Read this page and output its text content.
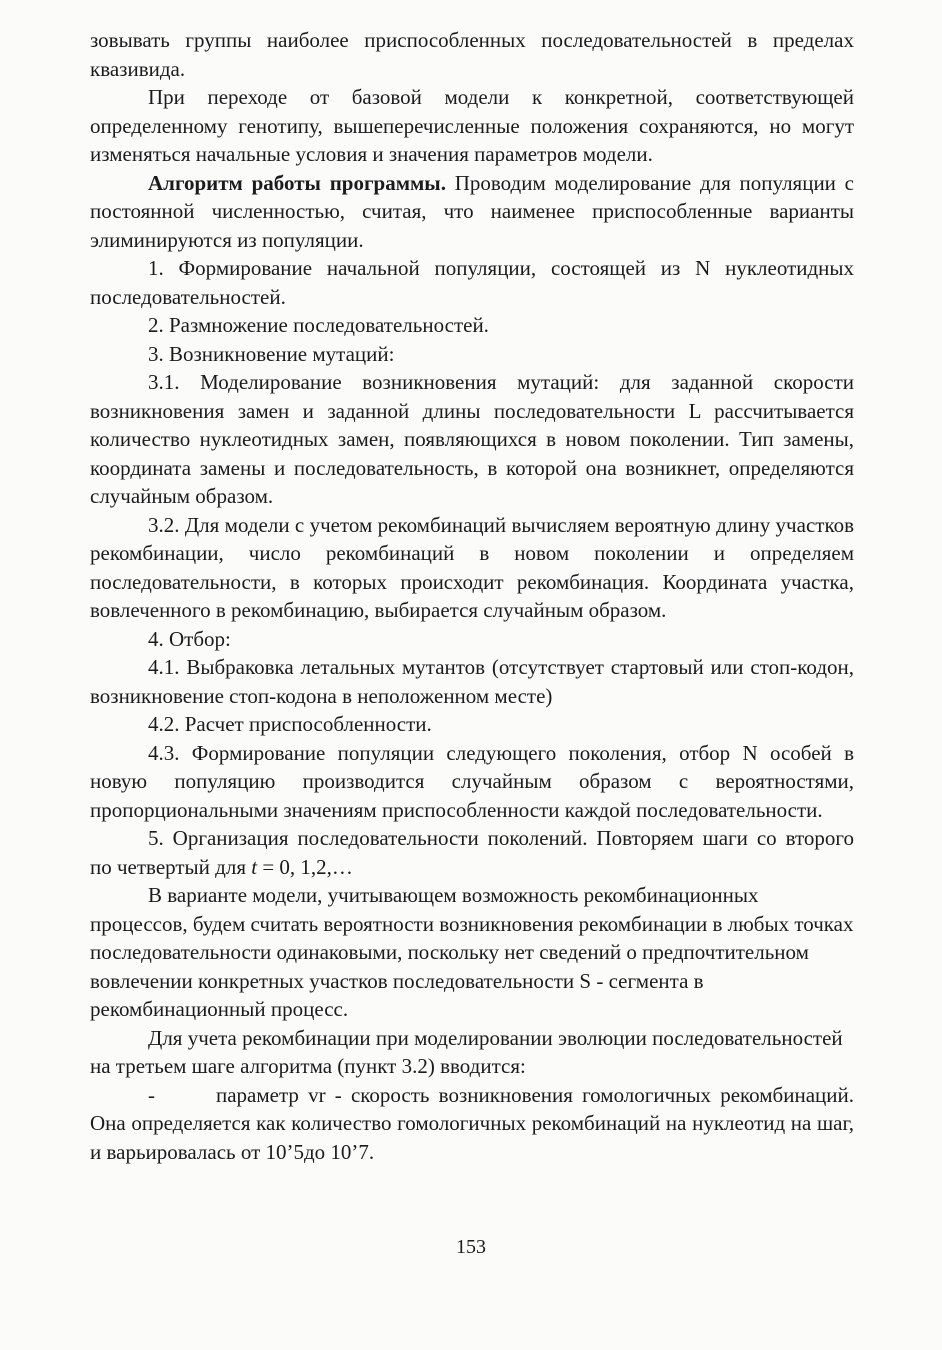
зовывать группы наиболее приспособленных последовательностей в пределах квазивида.

При переходе от базовой модели к конкретной, соответствующей определенному генотипу, вышеперечисленные положения сохраняются, но могут изменяться начальные условия и значения параметров модели.

Алгоритм работы программы. Проводим моделирование для популяции с постоянной численностью, считая, что наименее приспособленные варианты элиминируются из популяции.

1. Формирование начальной популяции, состоящей из N нуклеотидных последовательностей.

2. Размножение последовательностей.

3. Возникновение мутаций:

3.1. Моделирование возникновения мутаций: для заданной скорости возникновения замен и заданной длины последовательности L рассчитывается количество нуклеотидных замен, появляющихся в новом поколении. Тип замены, координата замены и последовательность, в которой она возникнет, определяются случайным образом.

3.2. Для модели с учетом рекомбинаций вычисляем вероятную длину участков рекомбинации, число рекомбинаций в новом поколении и определяем последовательности, в которых происходит рекомбинация. Координата участка, вовлеченного в рекомбинацию, выбирается случайным образом.

4. Отбор:

4.1. Выбраковка летальных мутантов (отсутствует стартовый или стоп-кодон, возникновение стоп-кодона в неположенном месте)

4.2. Расчет приспособленности.

4.3. Формирование популяции следующего поколения, отбор N особей в новую популяцию производится случайным образом с вероятностями, пропорциональными значениям приспособленности каждой последовательности.

5. Организация последовательности поколений. Повторяем шаги со второго по четвертый для t = 0, 1,2,…

В варианте модели, учитывающем возможность рекомбинационных процессов, будем считать вероятности возникновения рекомбинации в любых точках последовательности одинаковыми, поскольку нет сведений о предпочтительном вовлечении конкретных участков последовательности S - сегмента в рекомбинационный процесс.

Для учета рекомбинации при моделировании эволюции последовательностей на третьем шаге алгоритма (пункт 3.2) вводится:

-	параметр vr - скорость возникновения гомологичных рекомбинаций. Она определяется как количество гомологичных рекомбинаций на нуклеотид на шаг, и варьировалась от 10’5до 10’7.

153
